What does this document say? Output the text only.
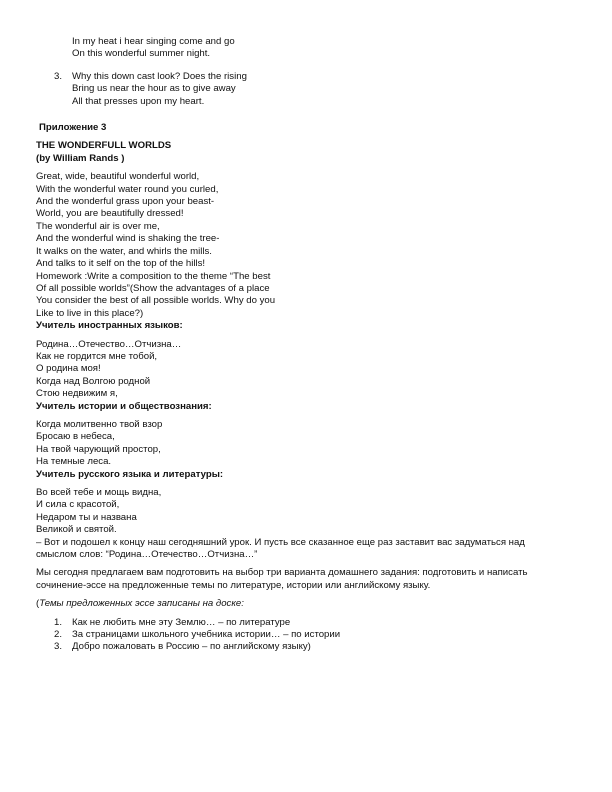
In my heat i hear singing come and go
On this wonderful summer night.
3. Why this down cast look? Does the rising
Bring us near the hour as to give away
All that presses upon my heart.
Приложение 3
THE WONDERFULL WORLDS
(by William Rands )
Great, wide, beautiful wonderful world,
With the wonderful water round you curled,
And the wonderful grass upon your beast-
World, you are beautifully dressed!
The wonderful air is over me,
And the wonderful wind is shaking the tree-
It walks on the water, and whirls the mills.
And talks to it self on the top of the hills!
Homework :Write a composition to the theme “The best
Of all possible worlds”(Show the advantages of a place
You consider the best of all possible worlds. Why do you
Like to live in this place?)
Учитель иностранных языков:
Родина…Отечество…Отчизна…
Как не гордится мне тобой,
О родина моя!
Когда над Волгою родной
Стою недвижим я,
Учитель истории и обществознания:
Когда молитвенно твой взор
Бросаю в небеса,
На твой чарующий простор,
На темные леса.
Учитель русского языка и литературы:
Во всей тебе и мощь видна,
И сила с красотой,
Недаром ты и названа
Великой и святой.
– Вот и подошел к концу наш сегодняшний урок. И пусть все сказанное еще раз заставит вас задуматься над смыслом слов: “Родина…Отечество…Отчизна…”
Мы сегодня предлагаем вам подготовить на выбор три варианта домашнего задания: подготовить и написать сочинение-эссе на предложенные темы по литературе, истории или английскому языку.
(Темы предложенных эссе записаны на доске:
1. Как не любить мне эту Землю… – по литературе
2. За страницами школьного учебника истории… – по истории
3. Добро пожаловать в Россию – по английскому языку)
